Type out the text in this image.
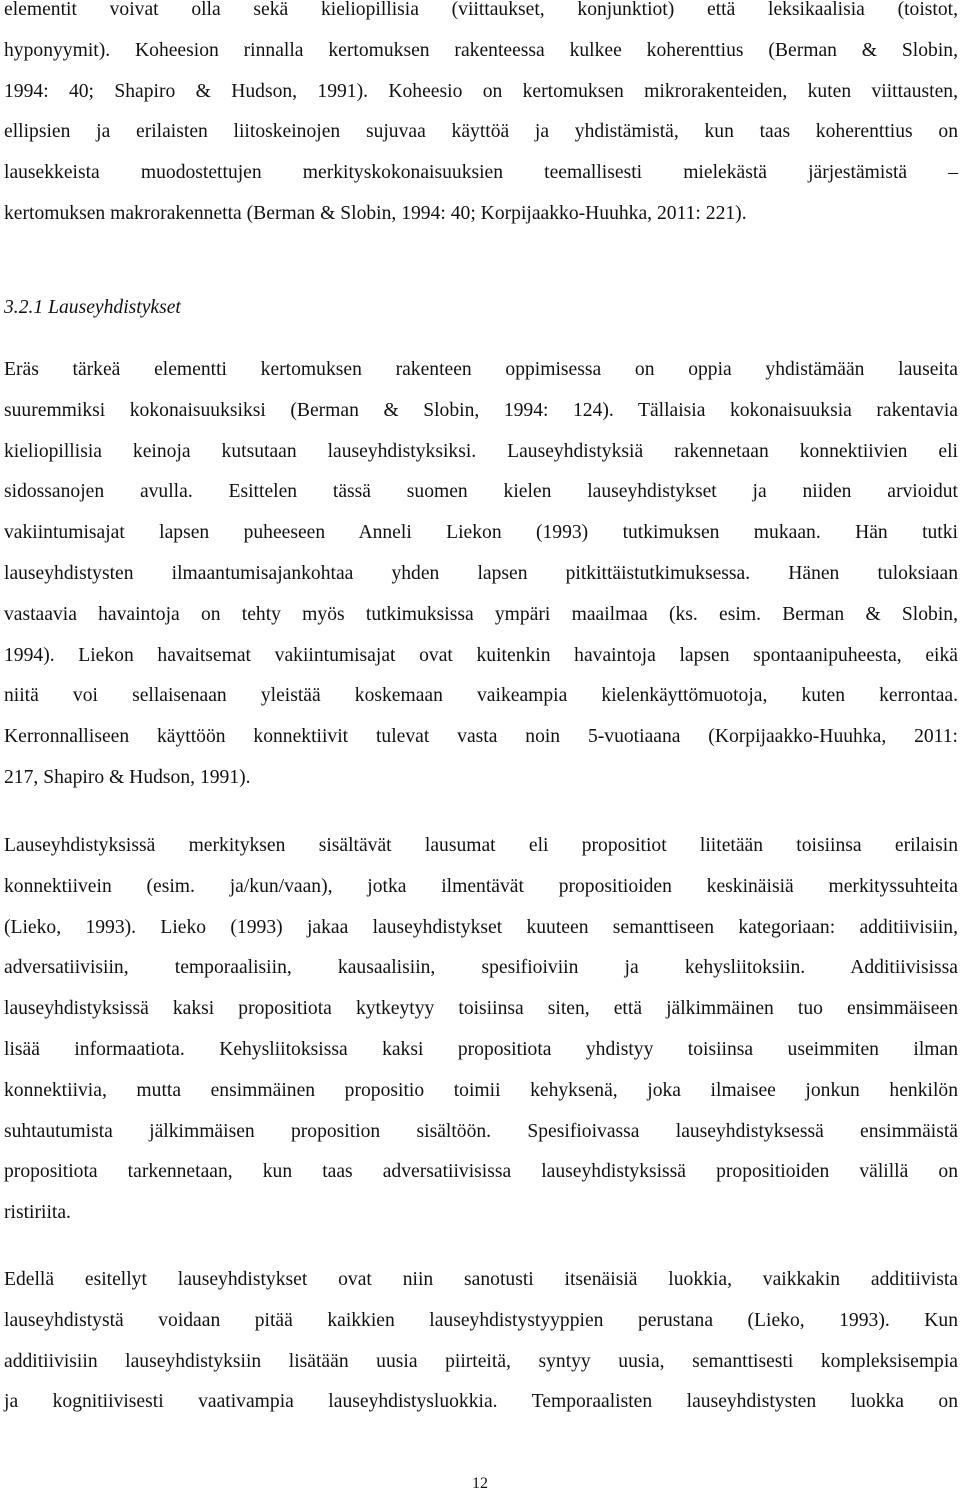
elementit voivat olla sekä kieliopillisia (viittaukset, konjunktiot) että leksikaalisia (toistot,
hyponyymit). Koheesion rinnalla kertomuksen rakenteessa kulkee koherenttius (Berman & Slobin,
1994: 40; Shapiro & Hudson, 1991). Koheesio on kertomuksen mikrorakenteiden, kuten viittausten,
ellipsien ja erilaisten liitoskeinojen sujuvaa käyttöä ja yhdistämistä, kun taas koherenttius on
lausekkeista muodostettujen merkityskokonaisuuksien teemallisesti mielekästä järjestämistä –
kertomuksen makrorakennetta (Berman & Slobin, 1994: 40; Korpijaakko-Huuhka, 2011: 221).
3.2.1 Lauseyhdistykset
Eräs tärkeä elementti kertomuksen rakenteen oppimisessa on oppia yhdistämään lauseita
suuremmiksi kokonaisuuksiksi (Berman & Slobin, 1994: 124). Tällaisia kokonaisuuksia rakentavia
kieliopillisia keinoja kutsutaan lauseyhdistyksiksi. Lauseyhdistyksiä rakennetaan konnektiivien eli
sidossanojen avulla. Esittelen tässä suomen kielen lauseyhdistykset ja niiden arvioidut
vakiintumisajat lapsen puheeseen Anneli Liekon (1993) tutkimuksen mukaan. Hän tutki
lauseyhdistysten ilmaantumisajankohtaa yhden lapsen pitkittäistutkimuksessa. Hänen tuloksiaan
vastaavia havaintoja on tehty myös tutkimuksissa ympäri maailmaa (ks. esim. Berman & Slobin,
1994). Liekon havaitsemat vakiintumisajat ovat kuitenkin havaintoja lapsen spontaanipuheesta, eikä
niitä voi sellaisenaan yleistää koskemaan vaikeampia kielenkäyttömuotoja, kuten kerrontaa.
Kerronnalliseen käyttöön konnektiivit tulevat vasta noin 5-vuotiaana (Korpijaakko-Huuhka, 2011:
217, Shapiro & Hudson, 1991).
Lauseyhdistyksissä merkityksen sisältävät lausumat eli propositiot liitetään toisiinsa erilaisin
konnektiivein (esim. ja/kun/vaan), jotka ilmentävät propositioiden keskinäisiä merkityssuhteita
(Lieko, 1993). Lieko (1993) jakaa lauseyhdistykset kuuteen semanttiseen kategoriaan: additiivisiin,
adversatiivisiin, temporaalisiin, kausaalisiin, spesifioiviin ja kehysliitoksiin. Additiivisissa
lauseyhdistyksissä kaksi propositiota kytkeytyy toisiinsa siten, että jälkimmäinen tuo ensimmäiseen
lisää informaatiota. Kehysliitoksissa kaksi propositiota yhdistyy toisiinsa useimmiten ilman
konnektiivia, mutta ensimmäinen propositio toimii kehyksenä, joka ilmaisee jonkun henkilön
suhtautumista jälkimmäisen proposition sisältöön. Spesifioivassa lauseyhdistyksessä ensimmäistä
propositiota tarkennetaan, kun taas adversatiivisissa lauseyhdistyksissä propositioiden välillä on
ristiriita.
Edellä esitellyt lauseyhdistykset ovat niin sanotusti itsenäisiä luokkia, vaikkakin additiivista
lauseyhdistystä voidaan pitää kaikkien lauseyhdistystyyppien perustana (Lieko, 1993). Kun
additiivisiin lauseyhdistyksiin lisätään uusia piirteitä, syntyy uusia, semanttisesti kompleksisempia
ja kognitiivisesti vaativampia lauseyhdistysluokkia. Temporaalisten lauseyhdistysten luokka on
12
